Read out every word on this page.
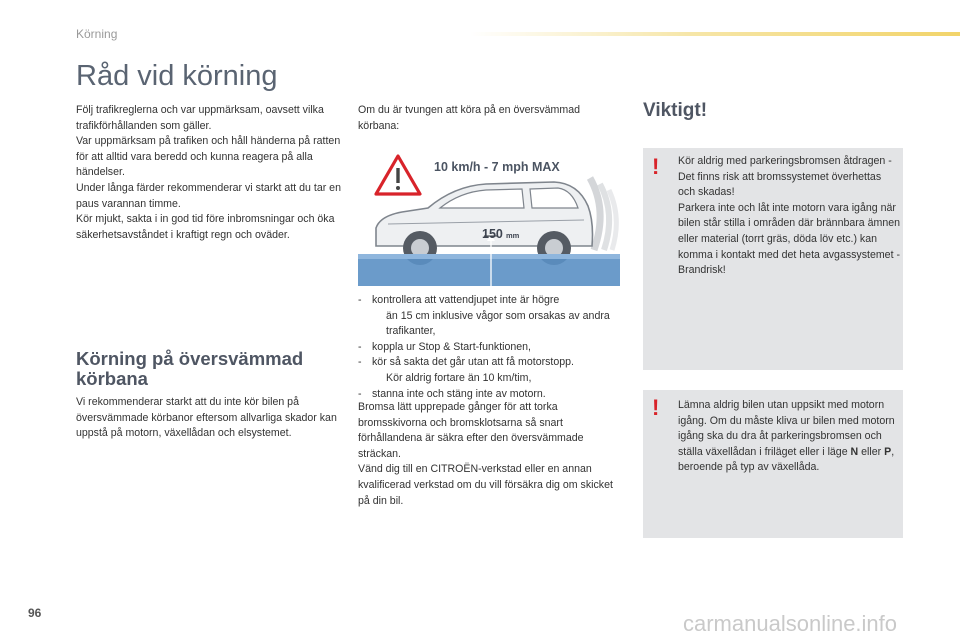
Körning
Råd vid körning

Följ trafikreglerna och var uppmärksam, oavsett vilka trafikförhållanden som gäller.
Var uppmärksam på trafiken och håll händerna på ratten för att alltid vara beredd och kunna reagera på alla händelser.
Under långa färder rekommenderar vi starkt att du tar en paus varannan timme.
Kör mjukt, sakta i in god tid före inbromsningar och öka säkerhetsavståndet i kraftigt regn och oväder.

Körning på översvämmad körbana

Vi rekommenderar starkt att du inte kör bilen på översvämmade körbanor eftersom allvarliga skador kan uppstå på motorn, växellådan och elsystemet.

Om du är tvungen att köra på en översvämmad körbana:

10 km/h - 7 mph MAX
150 mm
- kontrollera att vattendjupet inte är högre
än 15 cm inklusive vågor som orsakas av andra trafikanter,
- koppla ur Stop & Start-funktionen,
- kör så sakta det går utan att få motorstopp.
Kör aldrig fortare än 10 km/tim,
- stanna inte och stäng inte av motorn.

Bromsa lätt upprepade gånger för att torka bromsskivorna och bromsklotsarna så snart förhållandena är säkra efter den översvämmade sträckan.
Vänd dig till en CITROËN-verkstad eller en annan kvalificerad verkstad om du vill försäkra dig om skicket på din bil.

Viktigt!
! Kör aldrig med parkeringsbromsen åtdragen - Det finns risk att bromssystemet överhettas och skadas!
Parkera inte och låt inte motorn vara igång när bilen står stilla i områden där brännbara ämnen eller material (torrt gräs, döda löv etc.) kan komma i kontakt med det heta avgassystemet - Brandrisk!

! Lämna aldrig bilen utan uppsikt med motorn igång. Om du måste kliva ur bilen med motorn igång ska du dra åt parkeringsbromsen och ställa växellådan i friläget eller i läge N eller P, beroende på typ av växellåda.

96	carmanualsonline.info
